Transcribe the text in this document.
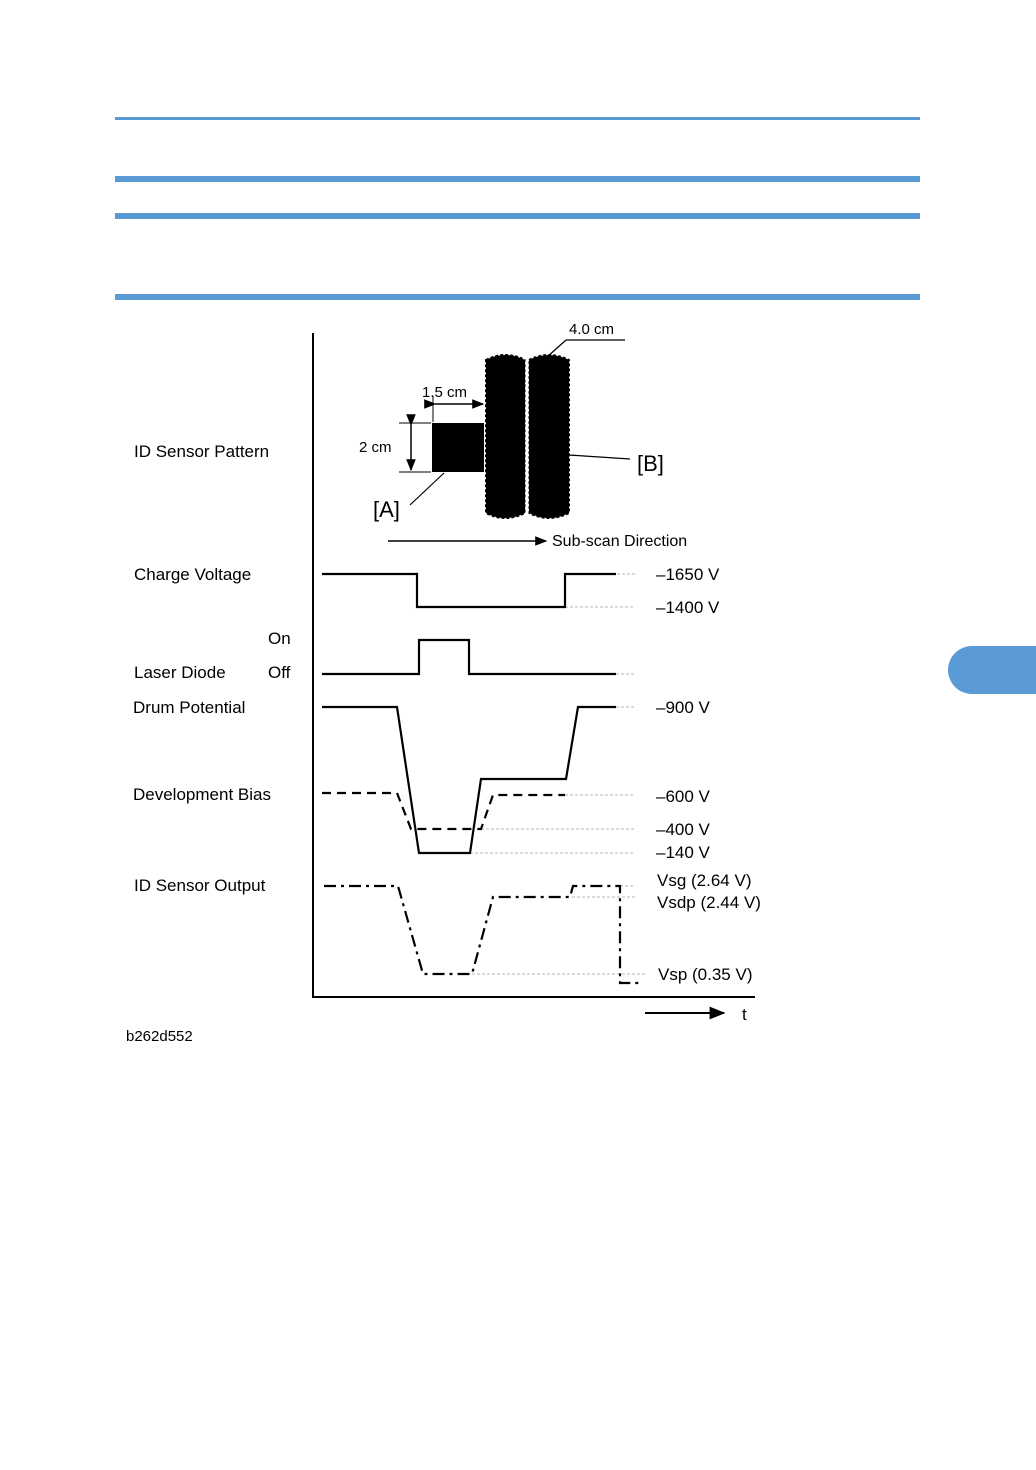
ID Sensor Pattern
Charge Voltage
On
Laser Diode Off
Drum Potential
Development Bias
ID Sensor Output
4.0 cm
1.5 cm
2 cm
[A]
[B]
Sub-scan Direction
–1650 V
–1400 V
–900 V
–600 V
–400 V
–140 V
Vsg (2.64 V)
Vsdp (2.44 V)
Vsp (0.35 V)
t
b262d552
